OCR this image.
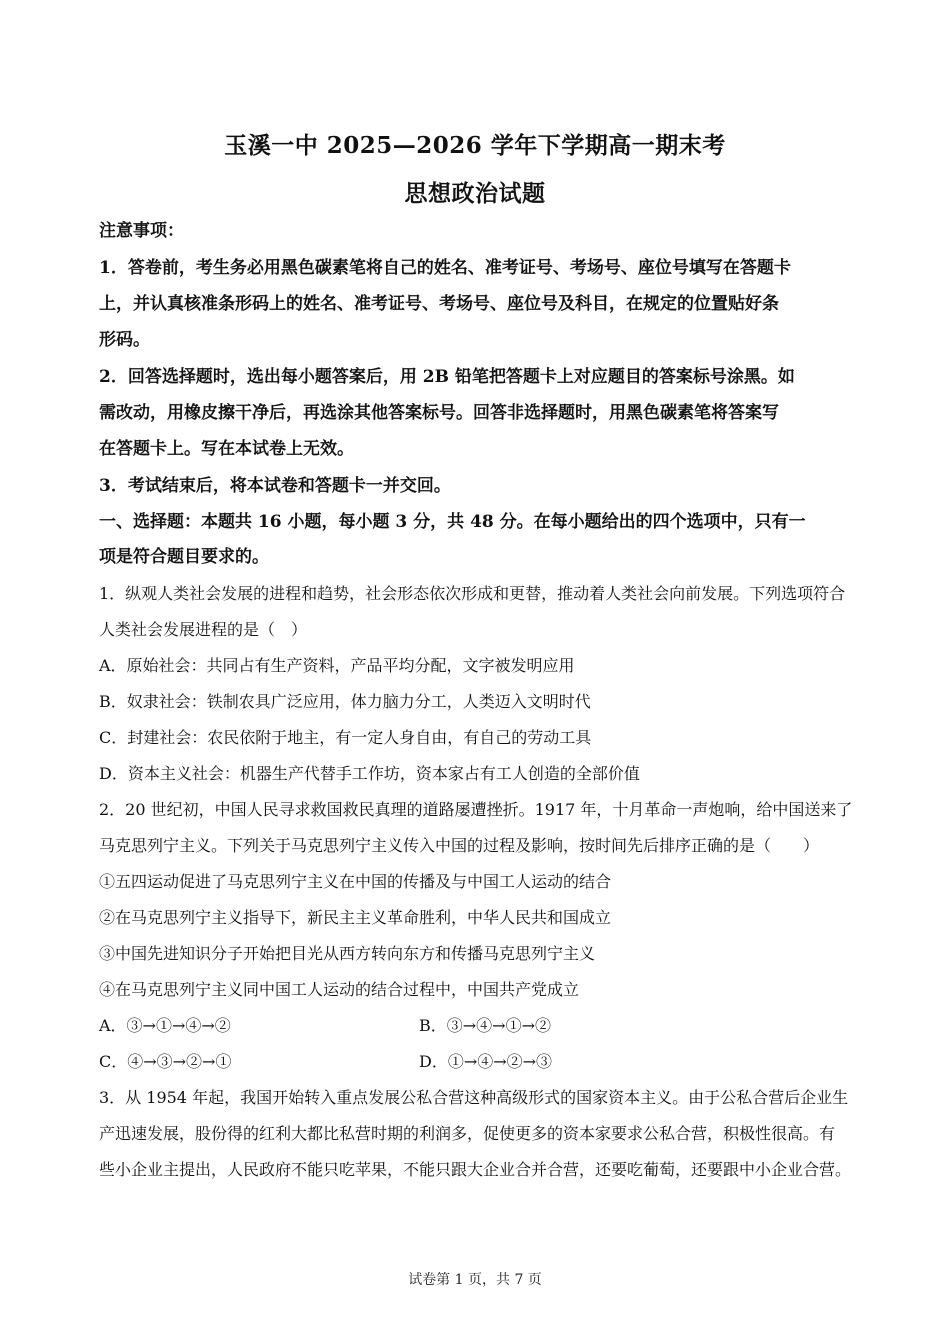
玉溪一中 2025—2026 学年下学期高一期末考
思想政治试题
注意事项：
1．答卷前，考生务必用黑色碳素笔将自己的姓名、准考证号、考场号、座位号填写在答题卡
上，并认真核准条形码上的姓名、准考证号、考场号、座位号及科目，在规定的位置贴好条
形码。
2．回答选择题时，选出每小题答案后，用 2B 铅笔把答题卡上对应题目的答案标号涂黑。如
需改动，用橡皮擦干净后，再选涂其他答案标号。回答非选择题时，用黑色碳素笔将答案写
在答题卡上。写在本试卷上无效。
3．考试结束后，将本试卷和答题卡一并交回。
一、选择题：本题共 16 小题，每小题 3 分，共 48 分。在每小题给出的四个选项中，只有一
项是符合题目要求的。
1．纵观人类社会发展的进程和趋势，社会形态依次形成和更替，推动着人类社会向前发展。下列选项符合
人类社会发展进程的是（　）
A．原始社会：共同占有生产资料，产品平均分配，文字被发明应用
B．奴隶社会：铁制农具广泛应用，体力脑力分工，人类迈入文明时代
C．封建社会：农民依附于地主，有一定人身自由，有自己的劳动工具
D．资本主义社会：机器生产代替手工作坊，资本家占有工人创造的全部价值
2．20 世纪初，中国人民寻求救国救民真理的道路屡遭挫折。1917 年，十月革命一声炮响，给中国送来了
马克思列宁主义。下列关于马克思列宁主义传入中国的过程及影响，按时间先后排序正确的是（　　）
①五四运动促进了马克思列宁主义在中国的传播及与中国工人运动的结合
②在马克思列宁主义指导下，新民主主义革命胜利，中华人民共和国成立
③中国先进知识分子开始把目光从西方转向东方和传播马克思列宁主义
④在马克思列宁主义同中国工人运动的结合过程中，中国共产党成立
A．③→①→④→②	B．③→④→①→②
C．④→③→②→①	D．①→④→②→③
3．从 1954 年起，我国开始转入重点发展公私合营这种高级形式的国家资本主义。由于公私合营后企业生
产迅速发展，股份得的红利大都比私营时期的利润多，促使更多的资本家要求公私合营，积极性很高。有
些小企业主提出，人民政府不能只吃苹果，不能只跟大企业合并合营，还要吃葡萄，还要跟中小企业合营。
试卷第 1 页，共 7 页
